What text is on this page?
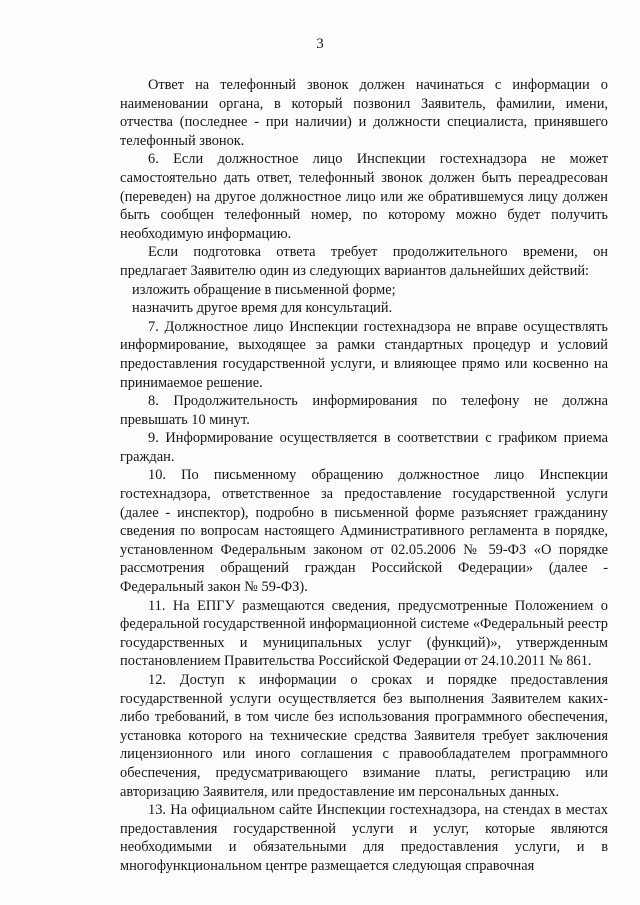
3

Ответ на телефонный звонок должен начинаться с информации о наименовании органа, в который позвонил Заявитель, фамилии, имени, отчества (последнее - при наличии) и должности специалиста, принявшего телефонный звонок.

6. Если должностное лицо Инспекции гостехнадзора не может самостоятельно дать ответ, телефонный звонок должен быть переадресован (переведен) на другое должностное лицо или же обратившемуся лицу должен быть сообщен телефонный номер, по которому можно будет получить необходимую информацию.

Если подготовка ответа требует продолжительного времени, он предлагает Заявителю один из следующих вариантов дальнейших действий:

изложить обращение в письменной форме;

назначить другое время для консультаций.

7. Должностное лицо Инспекции гостехнадзора не вправе осуществлять информирование, выходящее за рамки стандартных процедур и условий предоставления государственной услуги, и влияющее прямо или косвенно на принимаемое решение.

8. Продолжительность информирования по телефону не должна превышать 10 минут.

9. Информирование осуществляется в соответствии с графиком приема граждан.

10. По письменному обращению должностное лицо Инспекции гостехнадзора, ответственное за предоставление государственной услуги (далее - инспектор), подробно в письменной форме разъясняет гражданину сведения по вопросам настоящего Административного регламента в порядке, установленном Федеральным законом от 02.05.2006 № 59-ФЗ «О порядке рассмотрения обращений граждан Российской Федерации» (далее - Федеральный закон № 59-ФЗ).

11. На ЕПГУ размещаются сведения, предусмотренные Положением о федеральной государственной информационной системе «Федеральный реестр государственных и муниципальных услуг (функций)», утвержденным постановлением Правительства Российской Федерации от 24.10.2011 № 861.

12. Доступ к информации о сроках и порядке предоставления государственной услуги осуществляется без выполнения Заявителем каких-либо требований, в том числе без использования программного обеспечения, установка которого на технические средства Заявителя требует заключения лицензионного или иного соглашения с правообладателем программного обеспечения, предусматривающего взимание платы, регистрацию или авторизацию Заявителя, или предоставление им персональных данных.

13. На официальном сайте Инспекции гостехнадзора, на стендах в местах предоставления государственной услуги и услуг, которые являются необходимыми и обязательными для предоставления услуги, и в многофункциональном центре размещается следующая справочная
